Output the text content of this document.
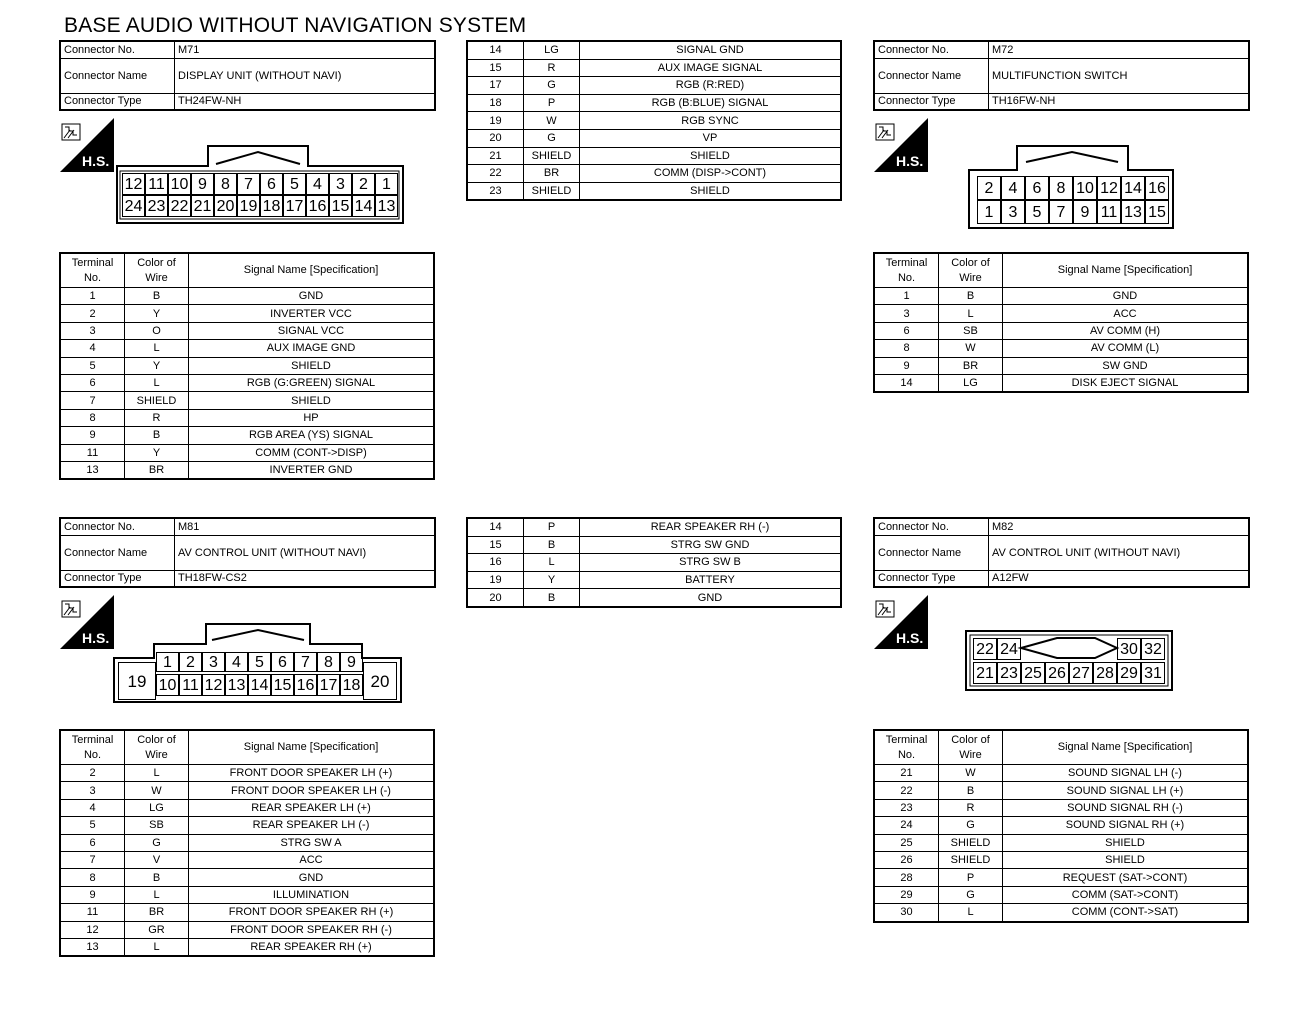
BASE AUDIO WITHOUT NAVIGATION SYSTEM
Connector No.	M71
Connector Name	DISPLAY UNIT (WITHOUT NAVI)
Connector Type	TH24FW-NH
14	LG	SIGNAL GND
15	R	AUX IMAGE SIGNAL
17	G	RGB (R:RED)
18	P	RGB (B:BLUE) SIGNAL
19	W	RGB SYNC
20	G	VP
21	SHIELD	SHIELD
22	BR	COMM (DISP->CONT)
23	SHIELD	SHIELD
Connector No.	M72
Connector Name	MULTIFUNCTION SWITCH
Connector Type	TH16FW-NH
H.S.	H.S.
H.S.	H.S.
12 11 10 9 8 7 6 5 4 3 2 1
24 23 22 21 20 19 18 17 16 15 14 13
2 4 6 8 10 12 14 16
1 3 5 7 9 11 13 15
Terminal No.	Color of Wire	Signal Name [Specification]
1	B	GND
2	Y	INVERTER VCC
3	O	SIGNAL VCC
4	L	AUX IMAGE GND
5	Y	SHIELD
6	L	RGB (G:GREEN) SIGNAL
7	SHIELD	SHIELD
8	R	HP
9	B	RGB AREA (YS) SIGNAL
11	Y	COMM (CONT->DISP)
13	BR	INVERTER GND
Terminal No.	Color of Wire	Signal Name [Specification]
1	B	GND
3	L	ACC
6	SB	AV COMM (H)
8	W	AV COMM (L)
9	BR	SW GND
14	LG	DISK EJECT SIGNAL
Connector No.	M81
Connector Name	AV CONTROL UNIT (WITHOUT NAVI)
Connector Type	TH18FW-CS2
14	P	REAR SPEAKER RH (-)
15	B	STRG SW GND
16	L	STRG SW B
19	Y	BATTERY
20	B	GND
Connector No.	M82
Connector Name	AV CONTROL UNIT (WITHOUT NAVI)
Connector Type	A12FW
19
1 2 3 4 5 6 7 8 9
10 11 12 13 14 15 16 17 18 20
22 24	30 32
21 23 25 26 27 28 29 31
Terminal No.	Color of Wire	Signal Name [Specification]
2	L	FRONT DOOR SPEAKER LH (+)
3	W	FRONT DOOR SPEAKER LH (-)
4	LG	REAR SPEAKER LH (+)
5	SB	REAR SPEAKER LH (-)
6	G	STRG SW A
7	V	ACC
8	B	GND
9	L	ILLUMINATION
11	BR	FRONT DOOR SPEAKER RH (+)
12	GR	FRONT DOOR SPEAKER RH (-)
13	L	REAR SPEAKER RH (+)
Terminal No.	Color of Wire	Signal Name [Specification]
21	W	SOUND SIGNAL LH (-)
22	B	SOUND SIGNAL LH (+)
23	R	SOUND SIGNAL RH (-)
24	G	SOUND SIGNAL RH (+)
25	SHIELD	SHIELD
26	SHIELD	SHIELD
28	P	REQUEST (SAT->CONT)
29	G	COMM (SAT->CONT)
30	L	COMM (CONT->SAT)
